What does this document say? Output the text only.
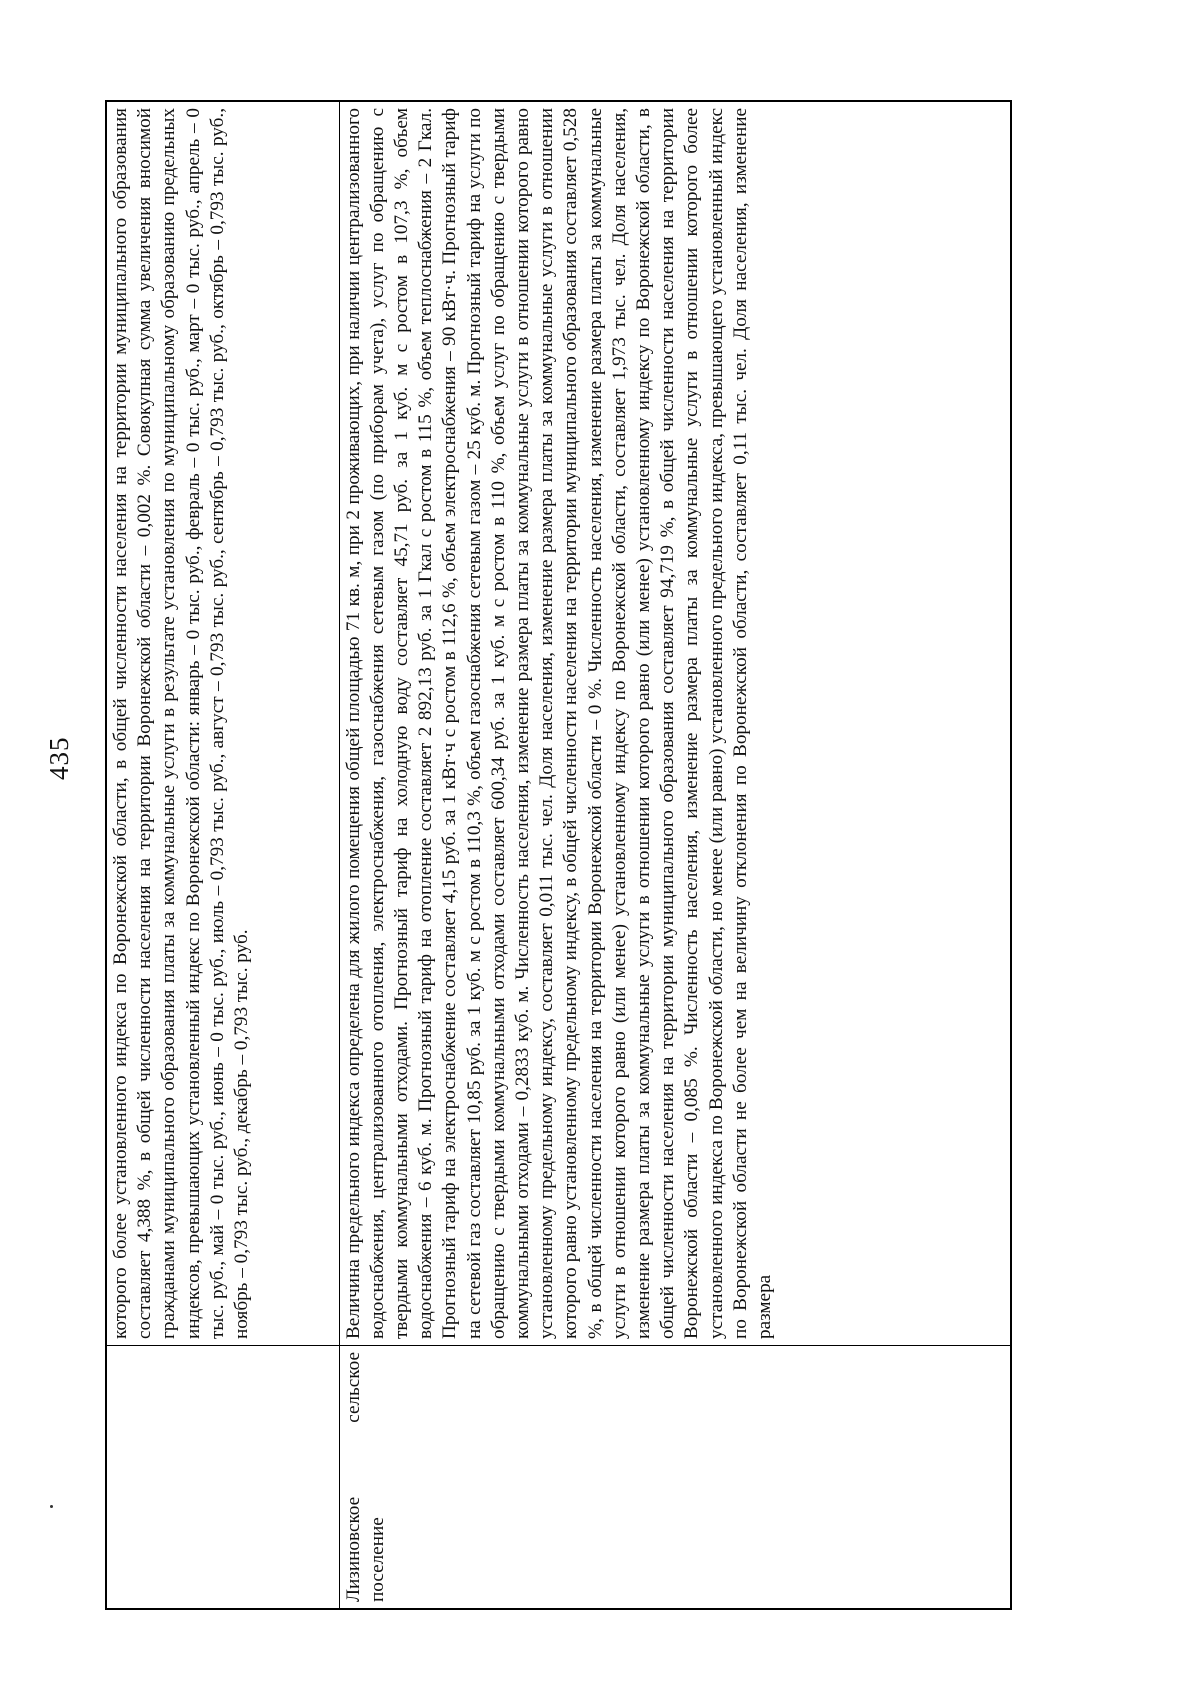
435
	которого более установленного индекса по Воронежской области, в общей численности населения на территории муниципального образования составляет 4,388 %, в общей численности населения на территории Воронежской области – 0,002 %. Совокупная сумма увеличения вносимой гражданами муниципального образования платы за коммунальные услуги в результате установления по муниципальному образованию предельных индексов, превышающих установленный индекс по Воронежской области: январь – 0 тыс. руб., февраль – 0 тыс. руб., март – 0 тыс. руб., апрель – 0 тыс. руб., май – 0 тыс. руб., июнь – 0 тыс. руб., июль – 0,793 тыс. руб., август – 0,793 тыс. руб., сентябрь – 0,793 тыс. руб., октябрь – 0,793 тыс. руб., ноябрь – 0,793 тыс. руб., декабрь – 0,793 тыс. руб.
Лизиновское сельское поселение	Величина предельного индекса определена для жилого помещения общей площадью 71 кв. м, при 2 проживающих, при наличии централизованного водоснабжения, централизованного отопления, электроснабжения, газоснабжения сетевым газом (по приборам учета), услуг по обращению с твердыми коммунальными отходами. Прогнозный тариф на холодную воду составляет 45,71 руб. за 1 куб. м с ростом в 107,3 %, объем водоснабжения – 6 куб. м. Прогнозный тариф на отопление составляет 2 892,13 руб. за 1 Гкал с ростом в 115 %, объем теплоснабжения – 2 Гкал. Прогнозный тариф на электроснабжение составляет 4,15 руб. за 1 кВт·ч с ростом в 112,6 %, объем электроснабжения – 90 кВт·ч. Прогнозный тариф на сетевой газ составляет 10,85 руб. за 1 куб. м с ростом в 110,3 %, объем газоснабжения сетевым газом – 25 куб. м. Прогнозный тариф на услуги по обращению с твердыми коммунальными отходами составляет 600,34 руб. за 1 куб. м с ростом в 110 %, объем услуг по обращению с твердыми коммунальными отходами – 0,2833 куб. м. Численность населения, изменение размера платы за коммунальные услуги в отношении которого равно установленному предельному индексу, составляет 0,011 тыс. чел. Доля населения, изменение размера платы за коммунальные услуги в отношении которого равно установленному предельному индексу, в общей численности населения на территории муниципального образования составляет 0,528 %, в общей численности населения на территории Воронежской области – 0 %. Численность населения, изменение размера платы за коммунальные услуги в отношении которого равно (или менее) установленному индексу по Воронежской области, составляет 1,973 тыс. чел. Доля населения, изменение размера платы за коммунальные услуги в отношении которого равно (или менее) установленному индексу по Воронежской области, в общей численности населения на территории муниципального образования составляет 94,719 %, в общей численности населения на территории Воронежской области – 0,085 %. Численность населения, изменение размера платы за коммунальные услуги в отношении которого более установленного индекса по Воронежской области, но менее (или равно) установленного предельного индекса, превышающего установленный индекс по Воронежской области не более чем на величину отклонения по Воронежской области, составляет 0,11 тыс. чел. Доля населения, изменение размера
